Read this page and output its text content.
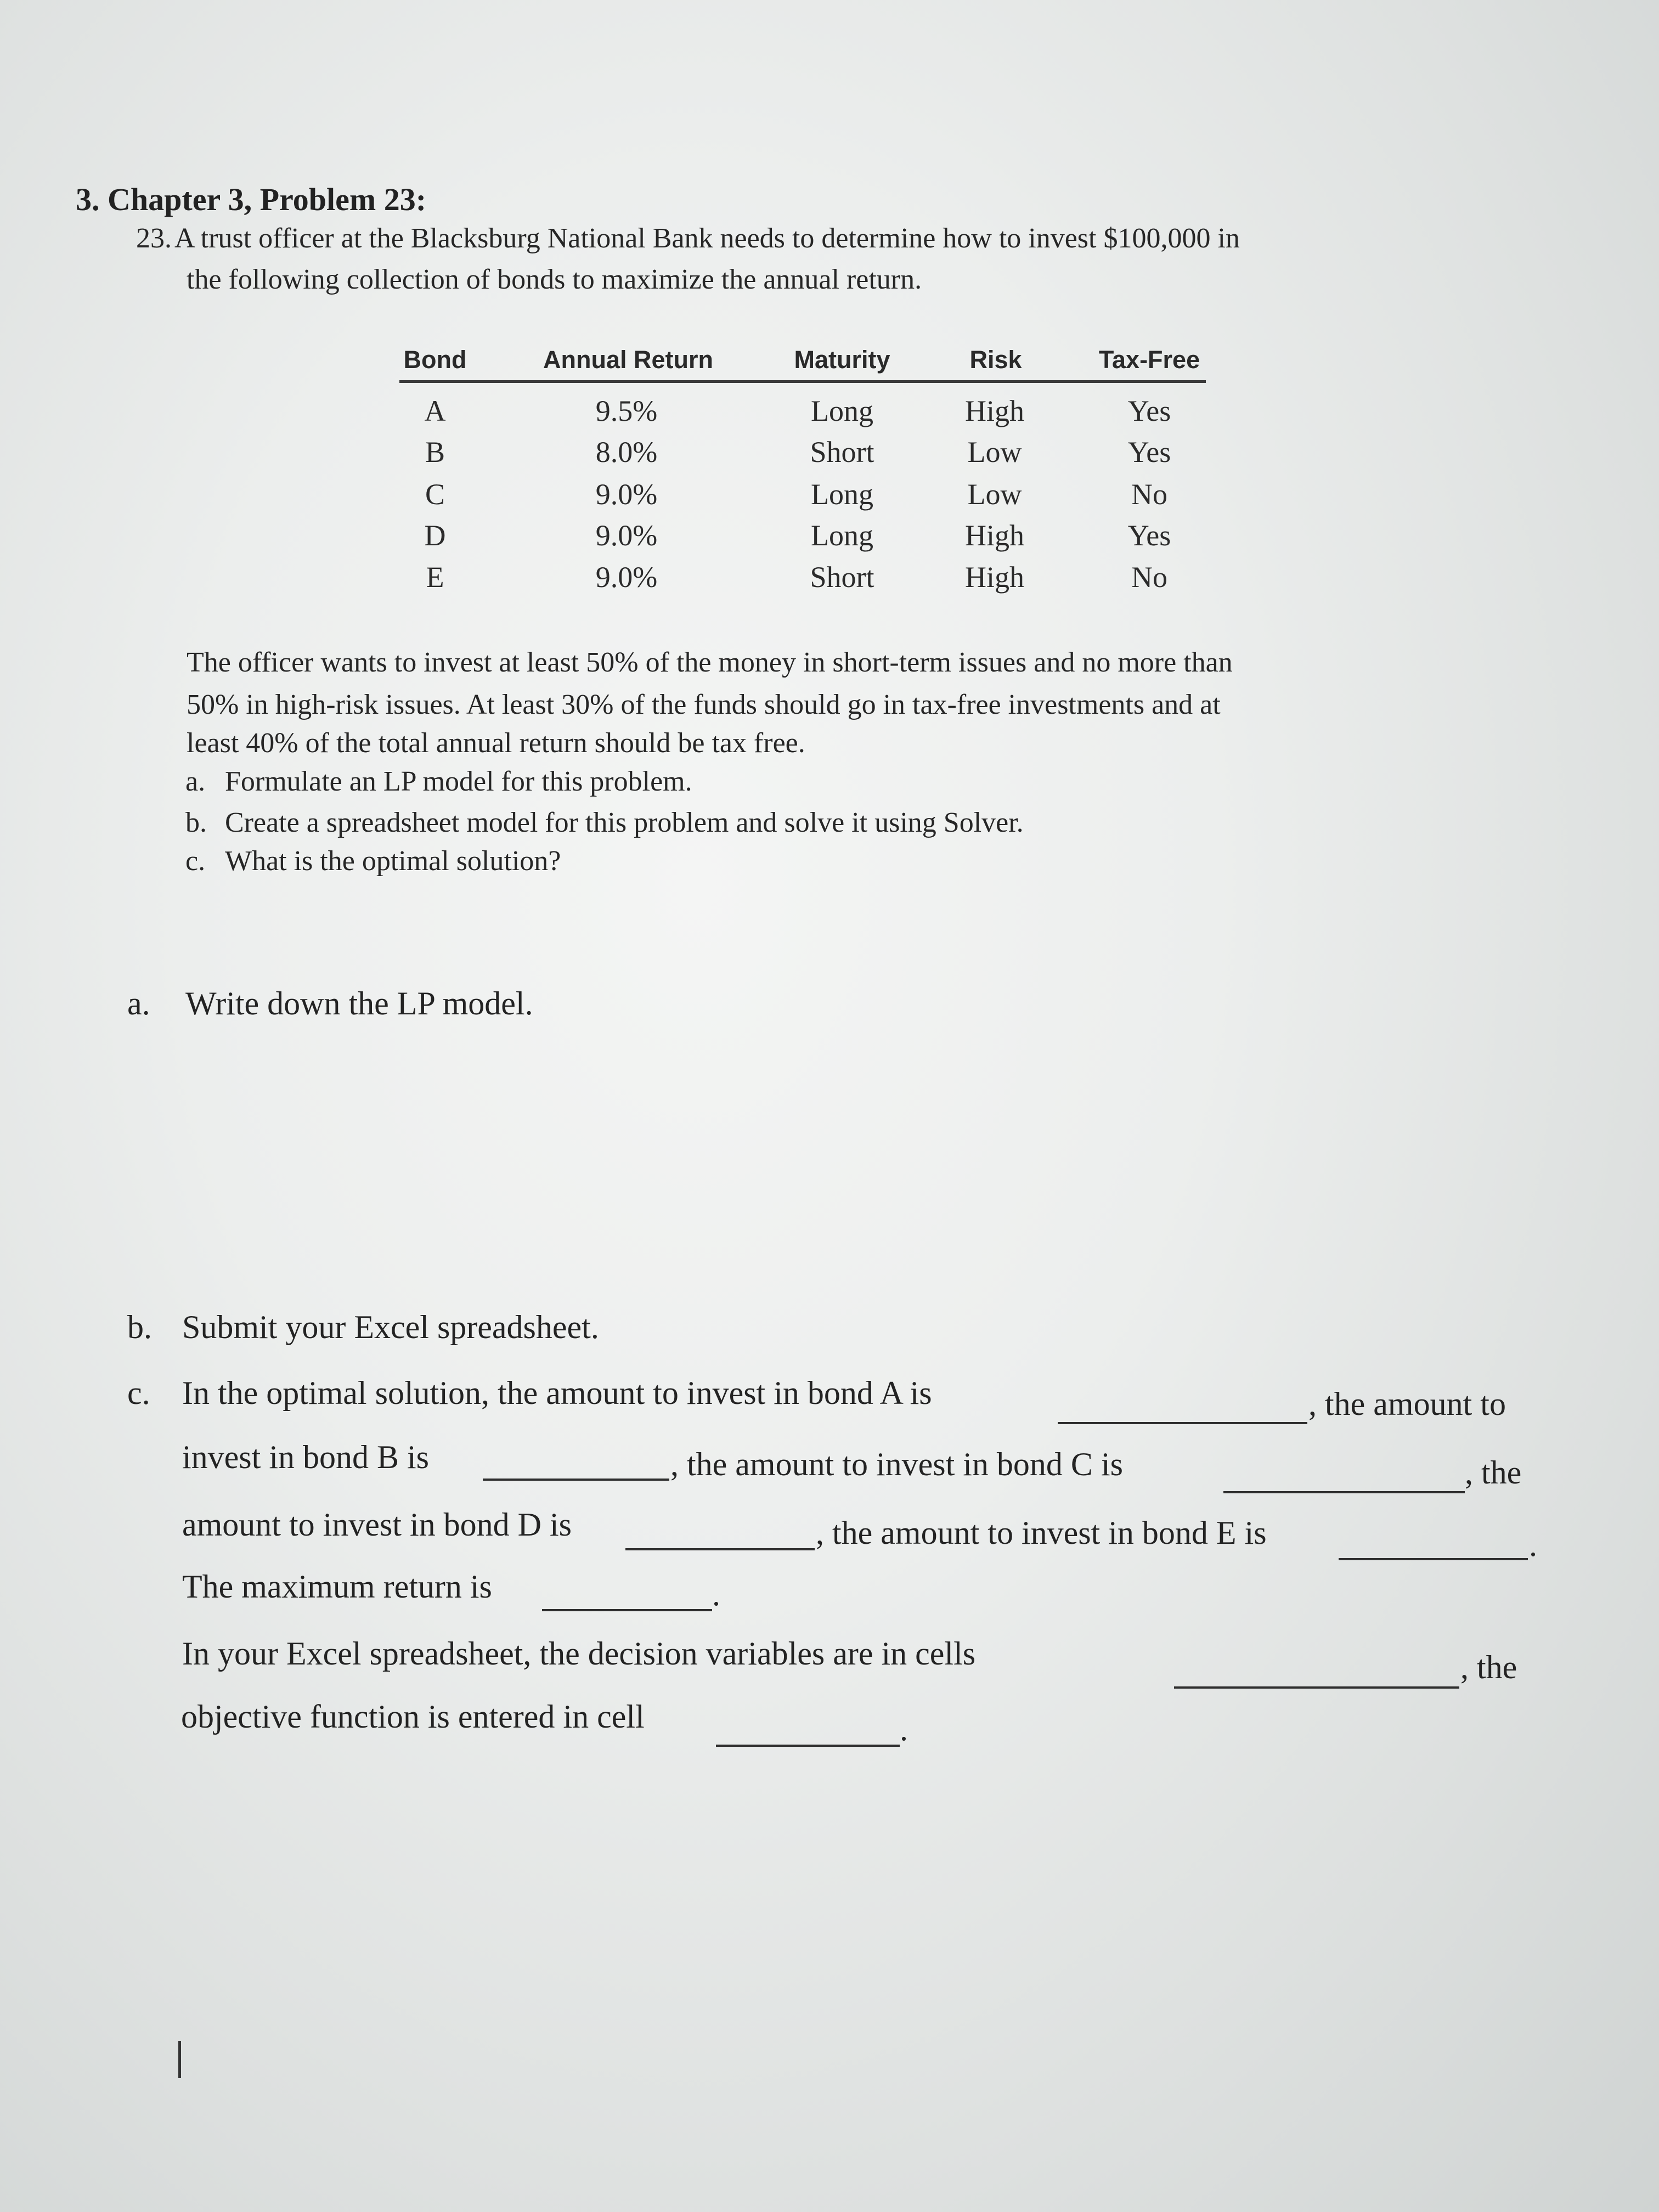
3. Chapter 3, Problem 23:
23. A trust officer at the Blacksburg National Bank needs to determine how to invest $100,000 in
the following collection of bonds to maximize the annual return.
Bond	Annual Return	Maturity	Risk	Tax-Free
A	9.5%	Long	High	Yes
B	8.0%	Short	Low	Yes
C	9.0%	Long	Low	No
D	9.0%	Long	High	Yes
E	9.0%	Short	High	No
The officer wants to invest at least 50% of the money in short-term issues and no more than
50% in high-risk issues. At least 30% of the funds should go in tax-free investments and at
least 40% of the total annual return should be tax free.
a. Formulate an LP model for this problem.
b. Create a spreadsheet model for this problem and solve it using Solver.
c. What is the optimal solution?
a. Write down the LP model.
b. Submit your Excel spreadsheet.
c. In the optimal solution, the amount to invest in bond A is	, the amount to
invest in bond B is	, the amount to invest in bond C is	, the
amount to invest in bond D is	, the amount to invest in bond E is	.
The maximum return is	.
In your Excel spreadsheet, the decision variables are in cells	, the
objective function is entered in cell	.
